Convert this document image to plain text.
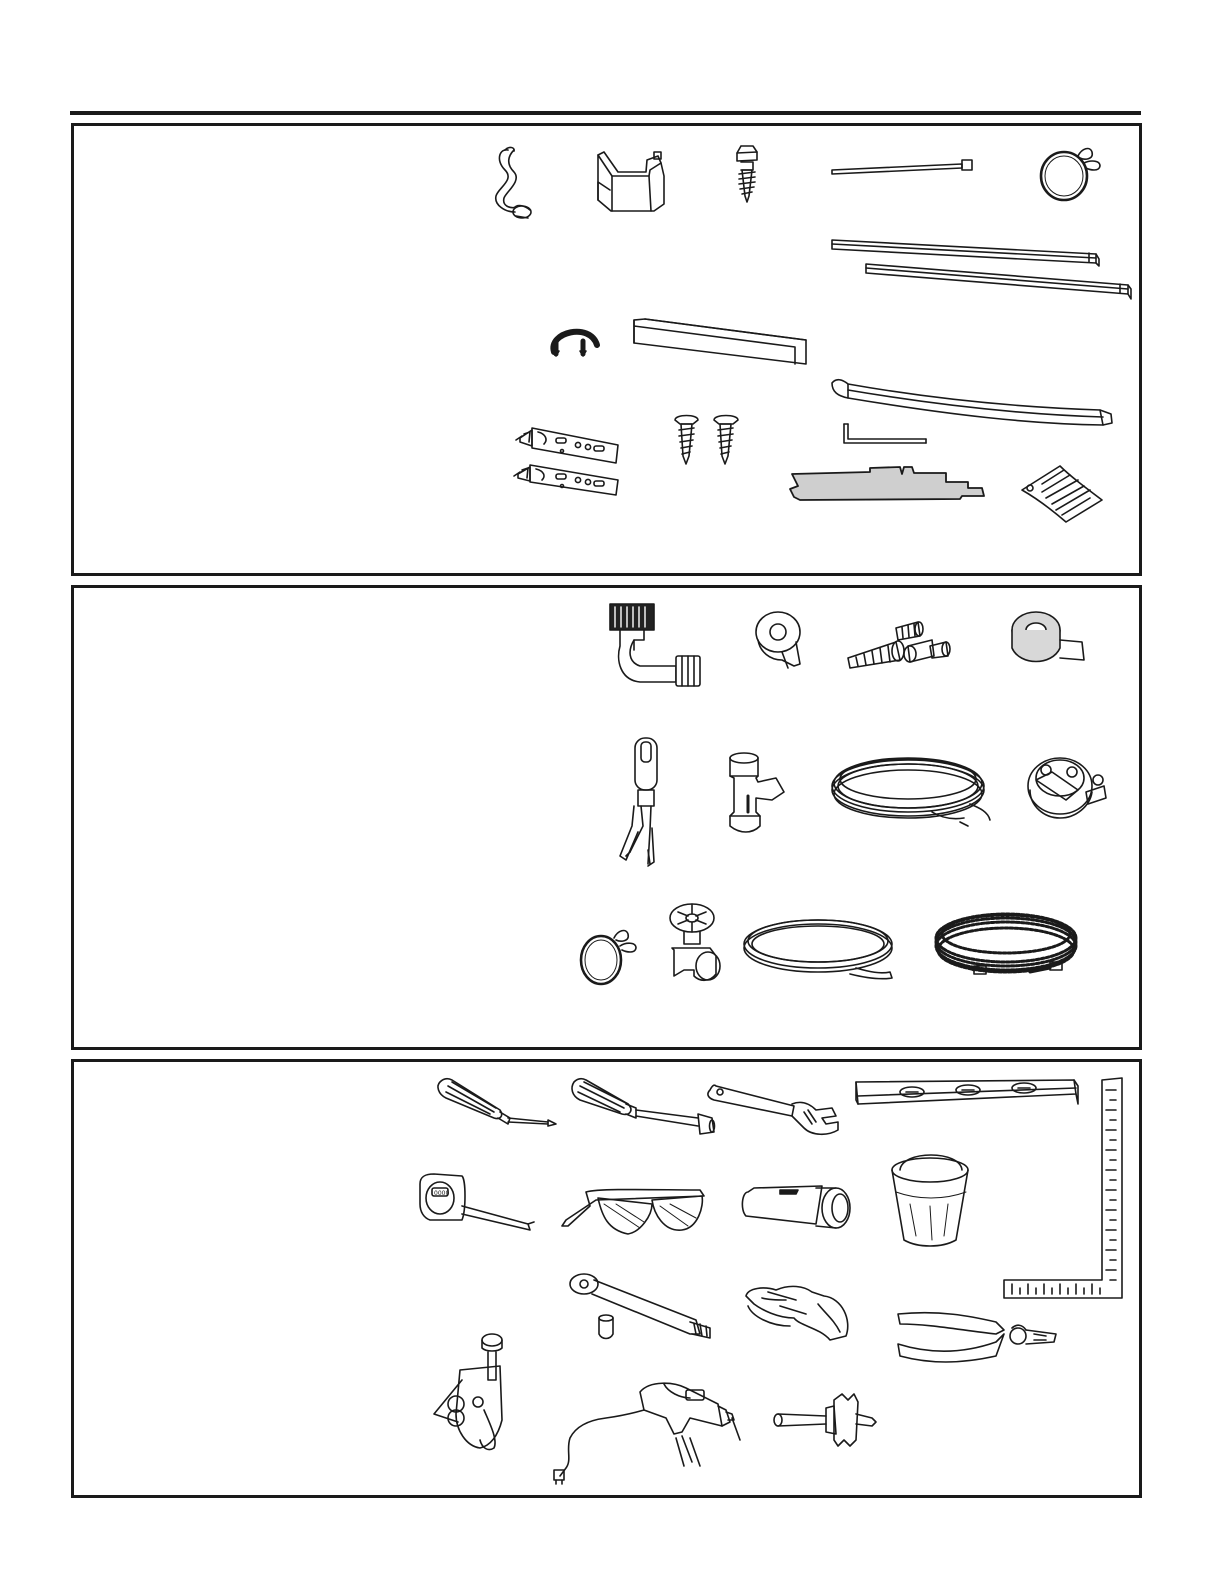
0000
